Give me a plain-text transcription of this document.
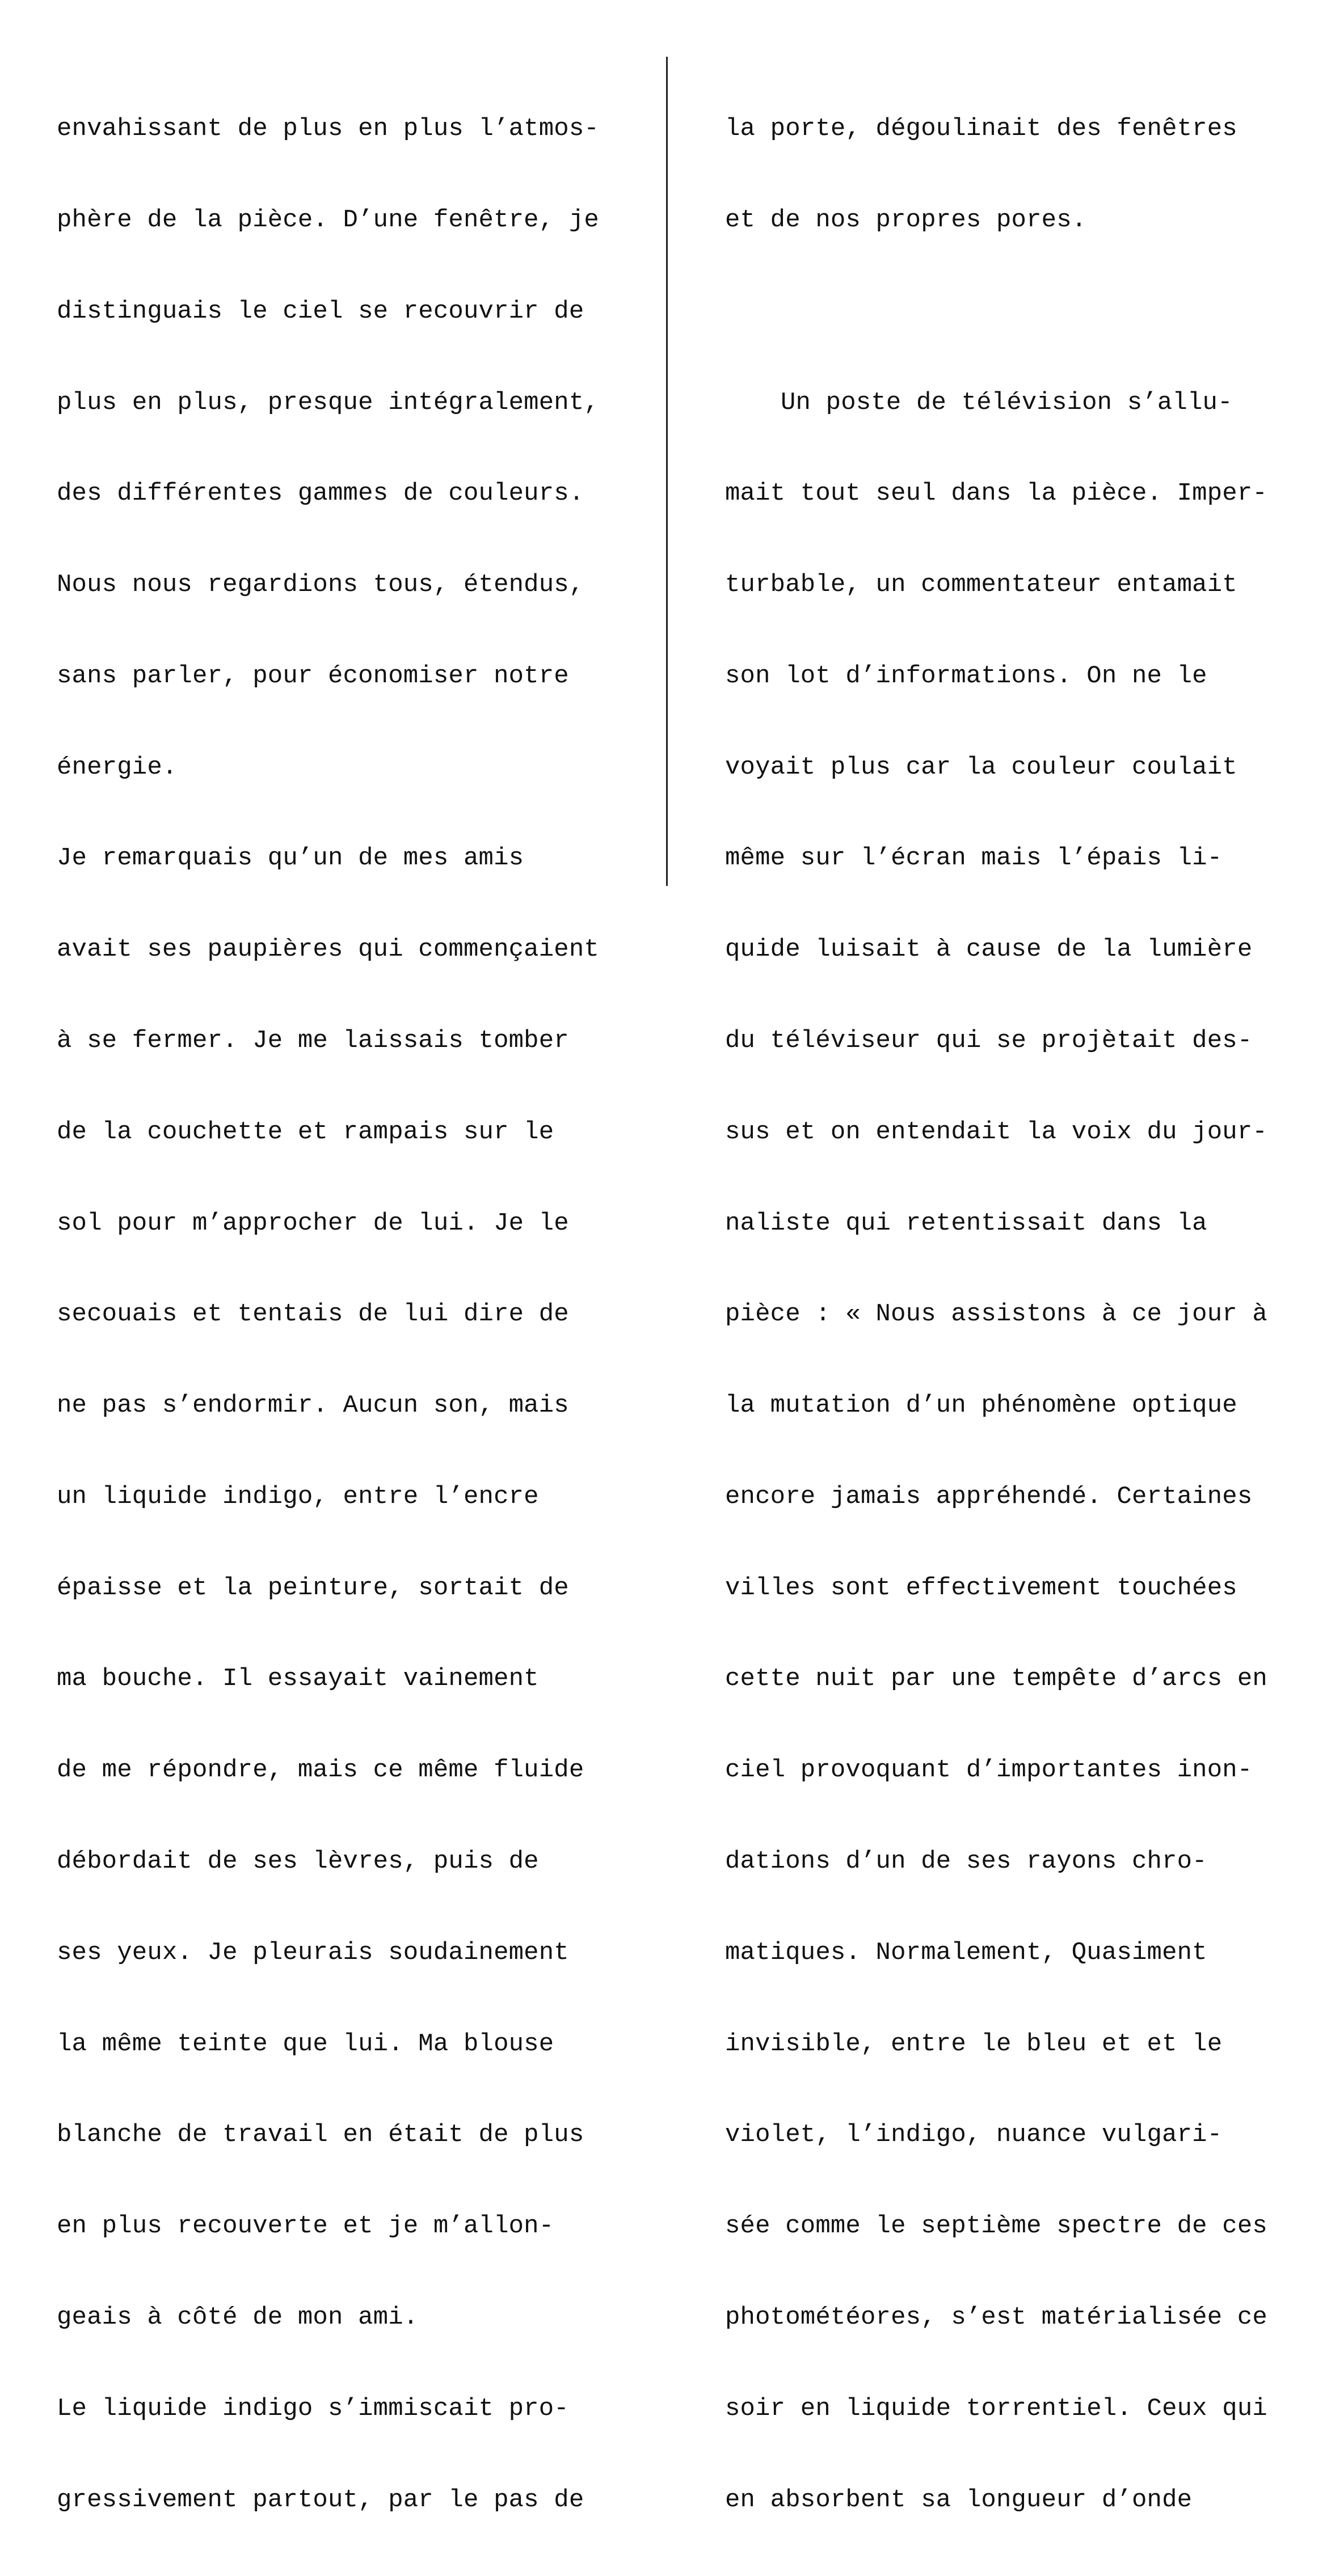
envahissant de plus en plus l’atmos-

phère de la pièce. D’une fenêtre, je

distinguais le ciel se recouvrir de

plus en plus, presque intégralement,

des différentes gammes de couleurs.

Nous nous regardions tous, étendus,

sans parler, pour économiser notre

énergie.

Je remarquais qu’un de mes amis

avait ses paupières qui commençaient

à se fermer. Je me laissais tomber

de la couchette et rampais sur le

sol pour m’approcher de lui. Je le

secouais et tentais de lui dire de

ne pas s’endormir. Aucun son, mais

un liquide indigo, entre l’encre

épaisse et la peinture, sortait de

ma bouche. Il essayait vainement

de me répondre, mais ce même fluide

débordait de ses lèvres, puis de

ses yeux. Je pleurais soudainement

la même teinte que lui. Ma blouse

blanche de travail en était de plus

en plus recouverte et je m’allon-

geais à côté de mon ami.

Le liquide indigo s’immiscait pro-

gressivement partout, par le pas de

la porte, dégoulinait des fenêtres

et de nos propres pores.

Un poste de télévision s’allu-

mait tout seul dans la pièce. Imper-

turbable, un commentateur entamait

son lot d’informations. On ne le

voyait plus car la couleur coulait

même sur l’écran mais l’épais li-

quide luisait à cause de la lumière

du téléviseur qui se projètait des-

sus et on entendait la voix du jour-

naliste qui retentissait dans la

pièce : « Nous assistons à ce jour à

la mutation d’un phénomène optique

encore jamais appréhendé. Certaines

villes sont effectivement touchées

cette nuit par une tempête d’arcs en

ciel provoquant d’importantes inon-

dations d’un de ses rayons chro-

matiques. Normalement, Quasiment

invisible, entre le bleu et et le

violet, l’indigo, nuance vulgari-

sée comme le septième spectre de ces

photométéores, s’est matérialisée ce

soir en liquide torrentiel. Ceux qui

en absorbent sa longueur d’onde
